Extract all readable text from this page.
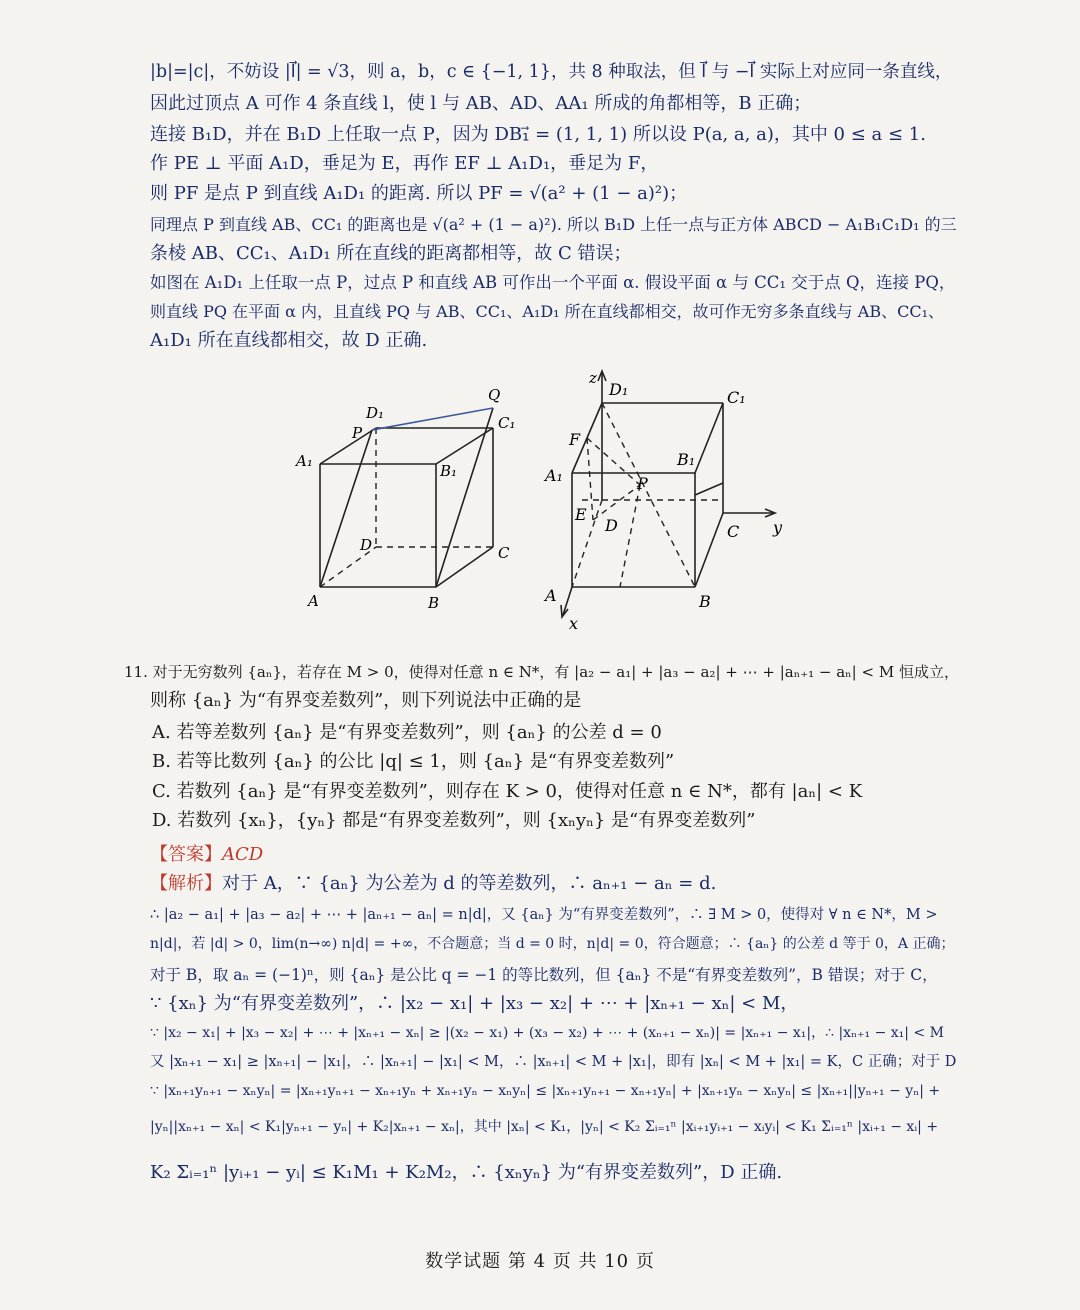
|b|=|c|，不妨设 |l⃗| = √3，则 a，b，c ∈ {−1, 1}，共 8 种取法，但 l⃗ 与 −l⃗ 实际上对应同一条直线，
因此过顶点 A 可作 4 条直线 l，使 l 与 AB、AD、AA₁ 所成的角都相等，B 正确；
连接 B₁D，并在 B₁D 上任取一点 P，因为 DB₁⃗ = (1, 1, 1) 所以设 P(a, a, a)，其中 0 ≤ a ≤ 1.
作 PE ⊥ 平面 A₁D，垂足为 E，再作 EF ⊥ A₁D₁，垂足为 F，
则 PF 是点 P 到直线 A₁D₁ 的距离. 所以 PF = √(a² + (1 − a)²)；
同理点 P 到直线 AB、CC₁ 的距离也是 √(a² + (1 − a)²). 所以 B₁D 上任一点与正方体 ABCD − A₁B₁C₁D₁ 的三
条棱 AB、CC₁、A₁D₁ 所在直线的距离都相等，故 C 错误；
如图在 A₁D₁ 上任取一点 P，过点 P 和直线 AB 可作出一个平面 α. 假设平面 α 与 CC₁ 交于点 Q，连接 PQ，
则直线 PQ 在平面 α 内，且直线 PQ 与 AB、CC₁、A₁D₁ 所在直线都相交，故可作无穷多条直线与 AB、CC₁、
A₁D₁ 所在直线都相交，故 D 正确.
D₁
Q
P
C₁
A₁
B₁
D	C
A	B
z
D₁	C₁
F
B₁
A₁	P
E
D	C y
A	B
x
11. 对于无穷数列 {aₙ}，若存在 M > 0，使得对任意 n ∈ N*，有 |a₂ − a₁| + |a₃ − a₂| + ⋯ + |aₙ₊₁ − aₙ| < M 恒成立，
则称 {aₙ} 为“有界变差数列”，则下列说法中正确的是
A. 若等差数列 {aₙ} 是“有界变差数列”，则 {aₙ} 的公差 d = 0
B. 若等比数列 {aₙ} 的公比 |q| ≤ 1，则 {aₙ} 是“有界变差数列”
C. 若数列 {aₙ} 是“有界变差数列”，则存在 K > 0，使得对任意 n ∈ N*，都有 |aₙ| < K
D. 若数列 {xₙ}，{yₙ} 都是“有界变差数列”，则 {xₙyₙ} 是“有界变差数列”
【答案】ACD
【解析】对于 A，∵ {aₙ} 为公差为 d 的等差数列，∴ aₙ₊₁ − aₙ = d.
∴ |a₂ − a₁| + |a₃ − a₂| + ⋯ + |aₙ₊₁ − aₙ| = n|d|，又 {aₙ} 为“有界变差数列”，∴ ∃ M > 0，使得对 ∀ n ∈ N*，M >
n|d|，若 |d| > 0，lim(n→∞) n|d| = +∞，不合题意；当 d = 0 时，n|d| = 0，符合题意；∴ {aₙ} 的公差 d 等于 0，A 正确；
对于 B，取 aₙ = (−1)ⁿ，则 {aₙ} 是公比 q = −1 的等比数列，但 {aₙ} 不是“有界变差数列”，B 错误；对于 C，
∵ {xₙ} 为“有界变差数列”，∴ |x₂ − x₁| + |x₃ − x₂| + ⋯ + |xₙ₊₁ − xₙ| < M，
∵ |x₂ − x₁| + |x₃ − x₂| + ⋯ + |xₙ₊₁ − xₙ| ≥ |(x₂ − x₁) + (x₃ − x₂) + ⋯ + (xₙ₊₁ − xₙ)| = |xₙ₊₁ − x₁|，∴ |xₙ₊₁ − x₁| < M
又 |xₙ₊₁ − x₁| ≥ |xₙ₊₁| − |x₁|，∴ |xₙ₊₁| − |x₁| < M，∴ |xₙ₊₁| < M + |x₁|，即有 |xₙ| < M + |x₁| = K，C 正确；对于 D
∵ |xₙ₊₁yₙ₊₁ − xₙyₙ| = |xₙ₊₁yₙ₊₁ − xₙ₊₁yₙ + xₙ₊₁yₙ − xₙyₙ| ≤ |xₙ₊₁yₙ₊₁ − xₙ₊₁yₙ| + |xₙ₊₁yₙ − xₙyₙ| ≤ |xₙ₊₁||yₙ₊₁ − yₙ| +
|yₙ||xₙ₊₁ − xₙ| < K₁|yₙ₊₁ − yₙ| + K₂|xₙ₊₁ − xₙ|，其中 |xₙ| < K₁，|yₙ| < K₂ Σᵢ₌₁ⁿ |xᵢ₊₁yᵢ₊₁ − xᵢyᵢ| < K₁ Σᵢ₌₁ⁿ |xᵢ₊₁ − xᵢ| +
K₂ Σᵢ₌₁ⁿ |yᵢ₊₁ − yᵢ| ≤ K₁M₁ + K₂M₂，∴ {xₙyₙ} 为“有界变差数列”，D 正确.
数学试题 第 4 页 共 10 页
